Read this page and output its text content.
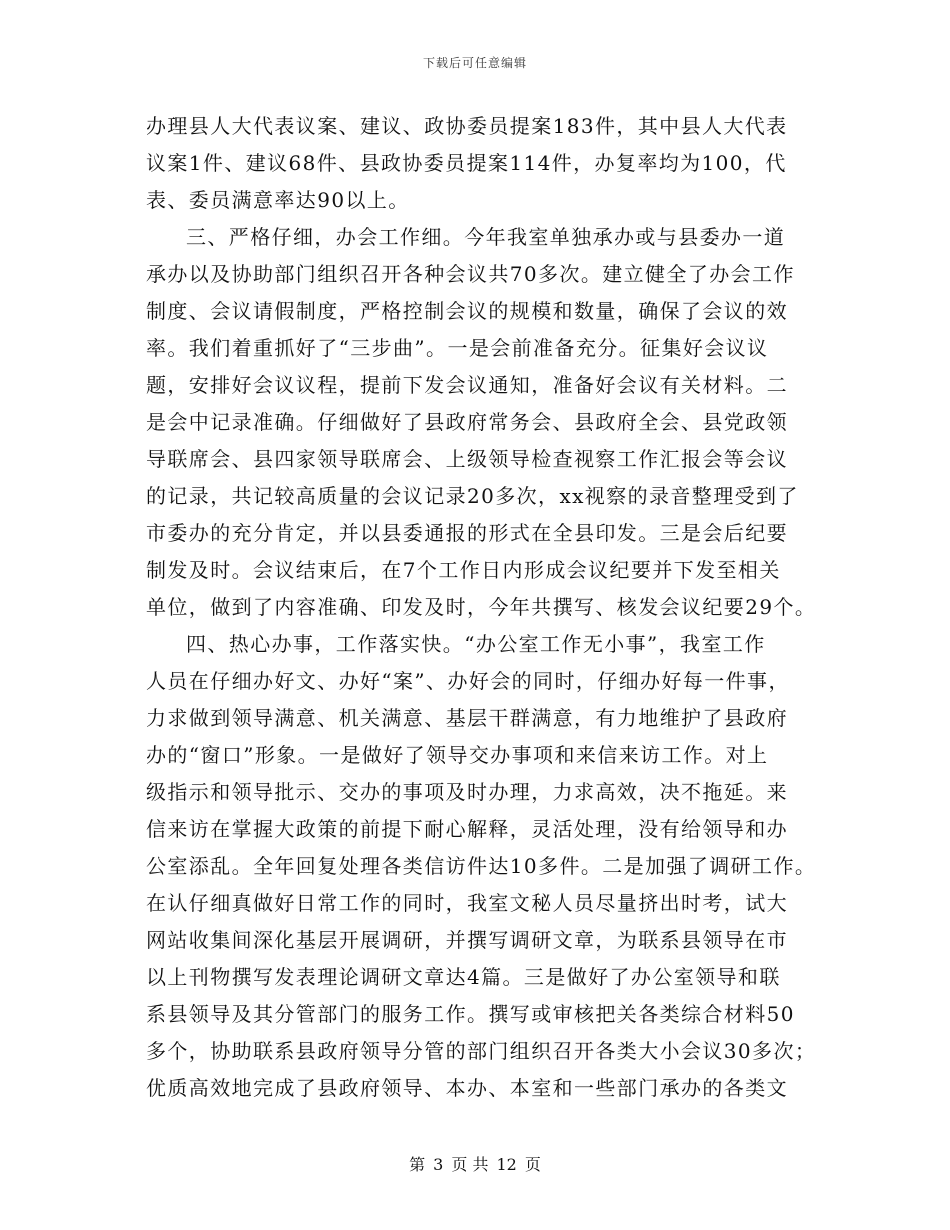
下载后可任意编辑
办理县人大代表议案、建议、政协委员提案183件，其中县人大代表
议案1件、建议68件、县政协委员提案114件，办复率均为100，代
表、委员满意率达90以上。
三、严格仔细，办会工作细。今年我室单独承办或与县委办一道
承办以及协助部门组织召开各种会议共70多次。建立健全了办会工作
制度、会议请假制度，严格控制会议的规模和数量，确保了会议的效
率。我们着重抓好了“三步曲”。一是会前准备充分。征集好会议议
题，安排好会议议程，提前下发会议通知，准备好会议有关材料。二
是会中记录准确。仔细做好了县政府常务会、县政府全会、县党政领
导联席会、县四家领导联席会、上级领导检查视察工作汇报会等会议
的记录，共记较高质量的会议记录20多次，xx视察的录音整理受到了
市委办的充分肯定，并以县委通报的形式在全县印发。三是会后纪要
制发及时。会议结束后，在7个工作日内形成会议纪要并下发至相关
单位，做到了内容准确、印发及时，今年共撰写、核发会议纪要29个。
四、热心办事，工作落实快。“办公室工作无小事”，我室工作
人员在仔细办好文、办好“案”、办好会的同时，仔细办好每一件事，
力求做到领导满意、机关满意、基层干群满意，有力地维护了县政府
办的“窗口”形象。一是做好了领导交办事项和来信来访工作。对上
级指示和领导批示、交办的事项及时办理，力求高效，决不拖延。来
信来访在掌握大政策的前提下耐心解释，灵活处理，没有给领导和办
公室添乱。全年回复处理各类信访件达10多件。二是加强了调研工作。
在认仔细真做好日常工作的同时，我室文秘人员尽量挤出时考，试大
网站收集间深化基层开展调研，并撰写调研文章，为联系县领导在市
以上刊物撰写发表理论调研文章达4篇。三是做好了办公室领导和联
系县领导及其分管部门的服务工作。撰写或审核把关各类综合材料50
多个，协助联系县政府领导分管的部门组织召开各类大小会议30多次；
优质高效地完成了县政府领导、本办、本室和一些部门承办的各类文
第 3 页 共 12 页
